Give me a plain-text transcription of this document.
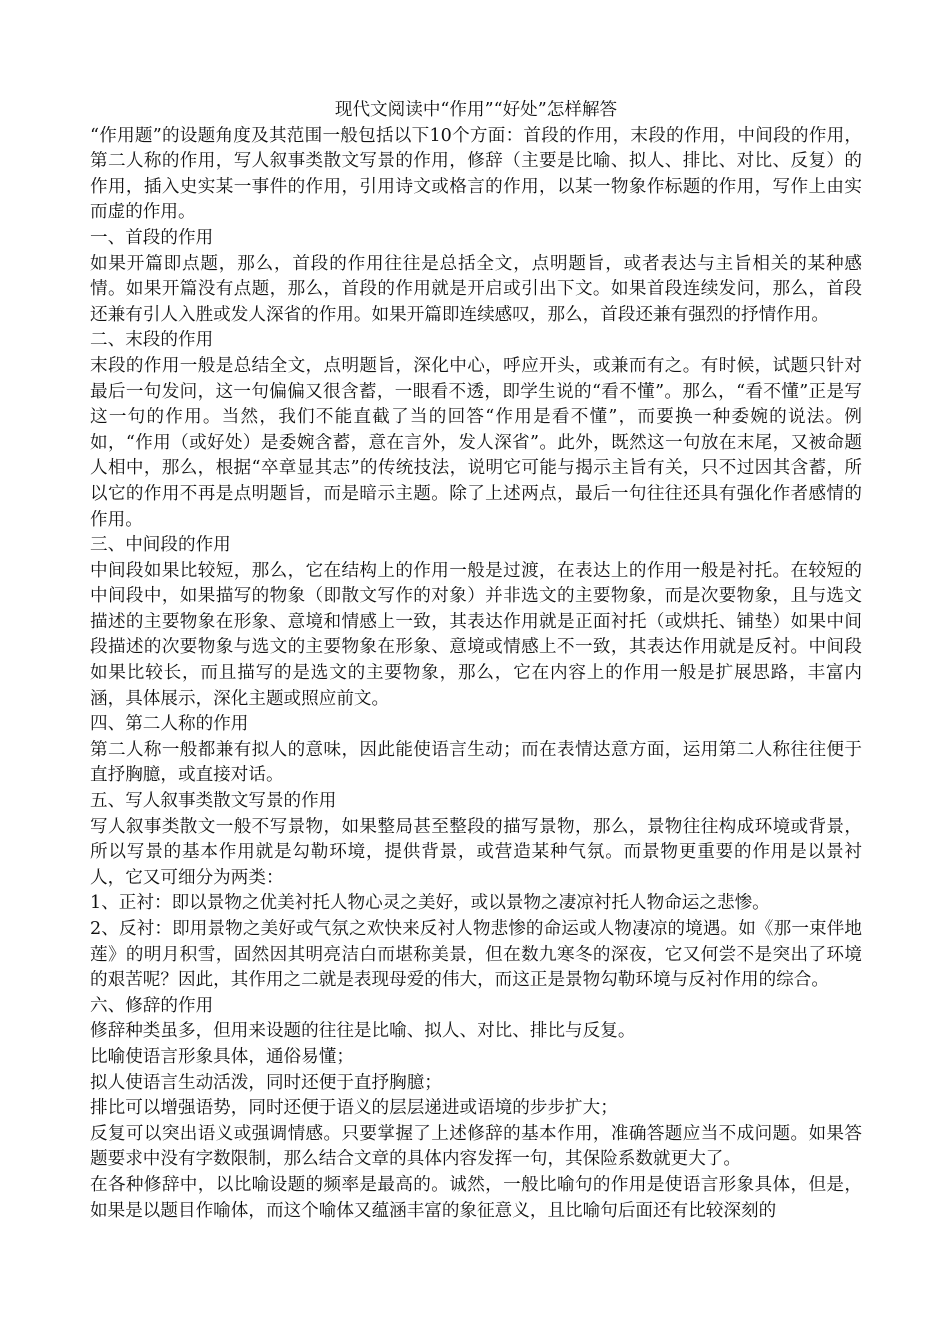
现代文阅读中“作用”“好处”怎样解答

“作用题”的设题角度及其范围一般包括以下10个方面：首段的作用，末段的作用，中间段的作用，第二人称的作用，写人叙事类散文写景的作用，修辞（主要是比喻、拟人、排比、对比、反复）的作用，插入史实某一事件的作用，引用诗文或格言的作用，以某一物象作标题的作用，写作上由实而虚的作用。

一、首段的作用

如果开篇即点题，那么，首段的作用往往是总括全文，点明题旨，或者表达与主旨相关的某种感情。如果开篇没有点题，那么，首段的作用就是开启或引出下文。如果首段连续发问，那么，首段还兼有引人入胜或发人深省的作用。如果开篇即连续感叹，那么，首段还兼有强烈的抒情作用。

二、末段的作用

末段的作用一般是总结全文，点明题旨，深化中心，呼应开头，或兼而有之。有时候，试题只针对最后一句发问，这一句偏偏又很含蓄，一眼看不透，即学生说的“看不懂”。那么，“看不懂”正是写这一句的作用。当然，我们不能直截了当的回答“作用是看不懂”，而要换一种委婉的说法。例如，“作用（或好处）是委婉含蓄，意在言外，发人深省”。此外，既然这一句放在末尾，又被命题人相中，那么，根据“卒章显其志”的传统技法，说明它可能与揭示主旨有关，只不过因其含蓄，所以它的作用不再是点明题旨，而是暗示主题。除了上述两点，最后一句往往还具有强化作者感情的作用。

三、中间段的作用

中间段如果比较短，那么，它在结构上的作用一般是过渡，在表达上的作用一般是衬托。在较短的中间段中，如果描写的物象（即散文写作的对象）并非选文的主要物象，而是次要物象，且与选文描述的主要物象在形象、意境和情感上一致，其表达作用就是正面衬托（或烘托、铺垫）如果中间段描述的次要物象与选文的主要物象在形象、意境或情感上不一致，其表达作用就是反衬。中间段如果比较长，而且描写的是选文的主要物象，那么，它在内容上的作用一般是扩展思路，丰富内涵，具体展示，深化主题或照应前文。

四、第二人称的作用

第二人称一般都兼有拟人的意味，因此能使语言生动；而在表情达意方面，运用第二人称往往便于直抒胸臆，或直接对话。

五、写人叙事类散文写景的作用

写人叙事类散文一般不写景物，如果整局甚至整段的描写景物，那么，景物往往构成环境或背景，所以写景的基本作用就是勾勒环境，提供背景，或营造某种气氛。而景物更重要的作用是以景衬人，它又可细分为两类：

1、正衬：即以景物之优美衬托人物心灵之美好，或以景物之凄凉衬托人物命运之悲惨。

2、反衬：即用景物之美好或气氛之欢快来反衬人物悲惨的命运或人物凄凉的境遇。如《那一束伴地莲》的明月积雪，固然因其明亮洁白而堪称美景，但在数九寒冬的深夜，它又何尝不是突出了环境的艰苦呢？因此，其作用之二就是表现母爱的伟大，而这正是景物勾勒环境与反衬作用的综合。

六、修辞的作用

修辞种类虽多，但用来设题的往往是比喻、拟人、对比、排比与反复。

比喻使语言形象具体，通俗易懂；

拟人使语言生动活泼，同时还便于直抒胸臆；

排比可以增强语势，同时还便于语义的层层递进或语境的步步扩大；

反复可以突出语义或强调情感。只要掌握了上述修辞的基本作用，准确答题应当不成问题。如果答题要求中没有字数限制，那么结合文章的具体内容发挥一句，其保险系数就更大了。

在各种修辞中，以比喻设题的频率是最高的。诚然，一般比喻句的作用是使语言形象具体，但是，如果是以题目作喻体，而这个喻体又蕴涵丰富的象征意义，且比喻句后面还有比较深刻的
